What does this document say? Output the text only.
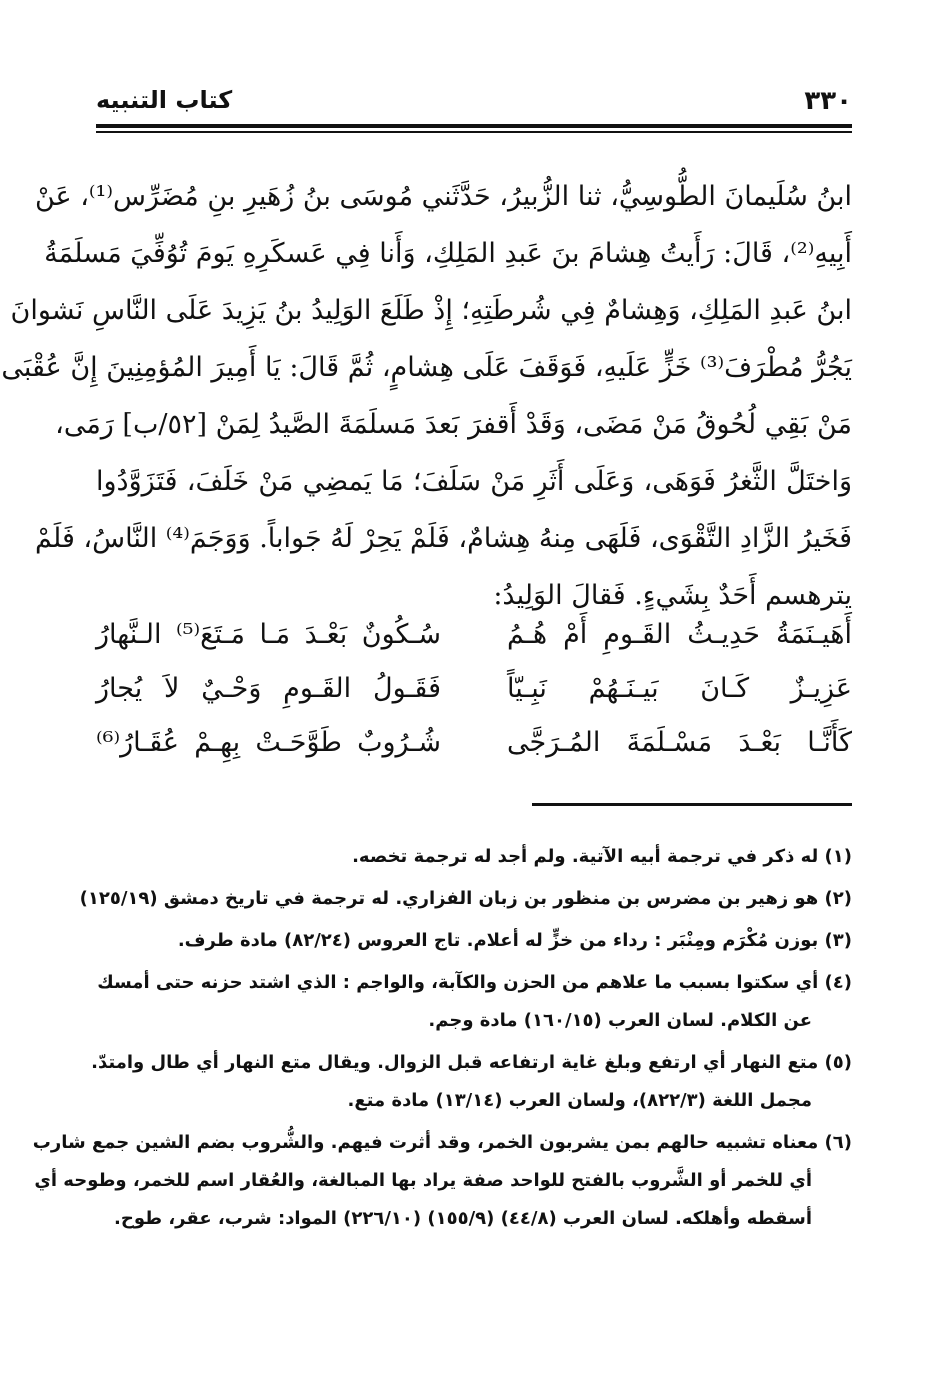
٣٣٠
كتاب التنبيه
ابنُ سُلَيمانَ الطُّوسِيُّ، ثنا الزُّبيرُ، حَدَّثَني مُوسَى بنُ زُهَيرِ بنِ مُضَرِّس⁽¹⁾، عَنْ
أَبِيهِ⁽²⁾، قَالَ: رَأَيتُ هِشامَ بنَ عَبدِ المَلِكِ، وَأَنا فِي عَسكَرِهِ يَومَ تُوُفِّيَ مَسلَمَةُ
ابنُ عَبدِ المَلِكِ، وَهِشامٌ فِي شُرطَتِهِ؛ إِذْ طَلَعَ الوَلِيدُ بنُ يَزِيدَ عَلَى النَّاسِ نَشوانَ
يَجُرُّ مُطْرَفَ⁽³⁾ خَزٍّ عَلَيهِ، فَوَقَفَ عَلَى هِشامٍ، ثُمَّ قَالَ: يَا أَمِيرَ المُؤمِنِينَ إِنَّ عُقْبَى
مَنْ بَقِي لُحُوقُ مَنْ مَضَى، وَقَدْ أَقفرَ بَعدَ مَسلَمَةَ الصَّيدُ لِمَنْ [٥٢/ب] رَمَى،
وَاختَلَّ الثَّغرُ فَوَهَى، وَعَلَى أَثَرِ مَنْ سَلَفَ؛ مَا يَمضِي مَنْ خَلَفَ، فَتَزَوَّدُوا
فَخَيرُ الزَّادِ التَّقْوَى، فَلَهَى مِنهُ هِشامٌ، فَلَمْ يَحِرْ لَهُ جَواباً. وَوَجَمَ⁽⁴⁾ النَّاسُ، فَلَمْ
يترهسم أَحَدٌ بِشَيءٍ. فَقالَ الوَلِيدُ:
أَهَيـنَمَةُ حَدِيـثُ القَـومِ أَمْ هُـمُ
سُـكُونٌ بَعْـدَ مَـا مَـتَعَ⁽⁵⁾ الـنَّهارُ
عَزِيـزٌ كَـانَ بَيـنَـهُمْ نَبِـيّاً
فَقَـولُ القَـومِ وَحْـيٌ لاَ يُجارُ
كَأَنَّـا بَعْـدَ مَسْـلَمَةَ المُـرَجَّى
شُـرُوبٌ طَوَّحَـتْ بِهِـمْ عُقَـارُ⁽⁶⁾
(١) له ذكر في ترجمة أبيه الآتية. ولم أجد له ترجمة تخصه.
(٢) هو زهير بن مضرس بن منظور بن زبان الفزاري. له ترجمة في تاريخ دمشق (١٢٥/١٩)
(٣) بوزن مُكْرَم ومِنْبَر : رداء من خزٍّ له أعلام. تاج العروس (٨٢/٢٤) مادة طرف.
(٤) أي سكتوا بسبب ما علاهم من الحزن والكآبة، والواجم : الذي اشتد حزنه حتى أمسك
عن الكلام. لسان العرب (١٦٠/١٥) مادة وجم.
(٥) متع النهار أي ارتفع وبلغ غاية ارتفاعه قبل الزوال. ويقال متع النهار أي طال وامتدّ.
مجمل اللغة (٨٢٢/٣)، ولسان العرب (١٣/١٤) مادة متع.
(٦) معناه تشبيه حالهم بمن يشربون الخمر، وقد أثرت فيهم. والشُّروب بضم الشين جمع شارب
أي للخمر أو الشَّروب بالفتح للواحد صفة يراد بها المبالغة، والعُقار اسم للخمر، وطوحه أي
أسقطه وأهلكه. لسان العرب (٤٤/٨) (١٥٥/٩) (٢٢٦/١٠) المواد: شرب، عقر، طوح.
